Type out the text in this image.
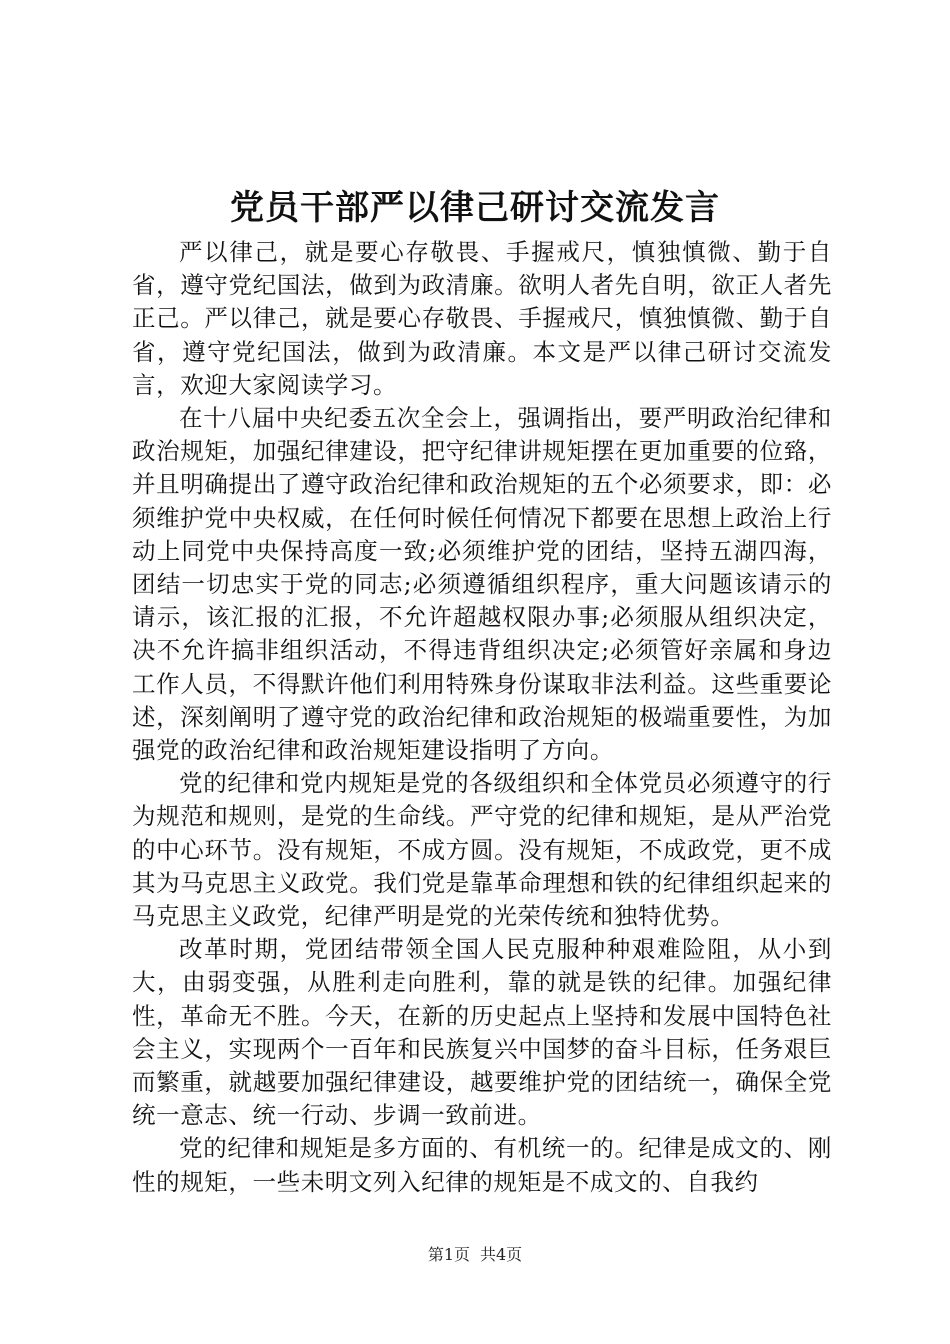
党员干部严以律己研讨交流发言

严以律己，就是要心存敬畏、手握戒尺，慎独慎微、勤于自省，遵守党纪国法，做到为政清廉。欲明人者先自明，欲正人者先正己。严以律己，就是要心存敬畏、手握戒尺，慎独慎微、勤于自省，遵守党纪国法，做到为政清廉。本文是严以律己研讨交流发言，欢迎大家阅读学习。

在十八届中央纪委五次全会上，强调指出，要严明政治纪律和政治规矩，加强纪律建设，把守纪律讲规矩摆在更加重要的位臵，并且明确提出了遵守政治纪律和政治规矩的五个必须要求，即：必须维护党中央权威，在任何时候任何情况下都要在思想上政治上行动上同党中央保持高度一致;必须维护党的团结，坚持五湖四海，团结一切忠实于党的同志;必须遵循组织程序，重大问题该请示的请示，该汇报的汇报，不允许超越权限办事;必须服从组织决定，决不允许搞非组织活动，不得违背组织决定;必须管好亲属和身边工作人员，不得默许他们利用特殊身份谋取非法利益。这些重要论述，深刻阐明了遵守党的政治纪律和政治规矩的极端重要性，为加强党的政治纪律和政治规矩建设指明了方向。

党的纪律和党内规矩是党的各级组织和全体党员必须遵守的行为规范和规则，是党的生命线。严守党的纪律和规矩，是从严治党的中心环节。没有规矩，不成方圆。没有规矩，不成政党，更不成其为马克思主义政党。我们党是靠革命理想和铁的纪律组织起来的马克思主义政党，纪律严明是党的光荣传统和独特优势。

改革时期，党团结带领全国人民克服种种艰难险阻，从小到大，由弱变强，从胜利走向胜利，靠的就是铁的纪律。加强纪律性，革命无不胜。今天，在新的历史起点上坚持和发展中国特色社会主义，实现两个一百年和民族复兴中国梦的奋斗目标，任务艰巨而繁重，就越要加强纪律建设，越要维护党的团结统一，确保全党统一意志、统一行动、步调一致前进。

党的纪律和规矩是多方面的、有机统一的。纪律是成文的、刚性的规矩，一些未明文列入纪律的规矩是不成文的、自我约

第1页 共4页
